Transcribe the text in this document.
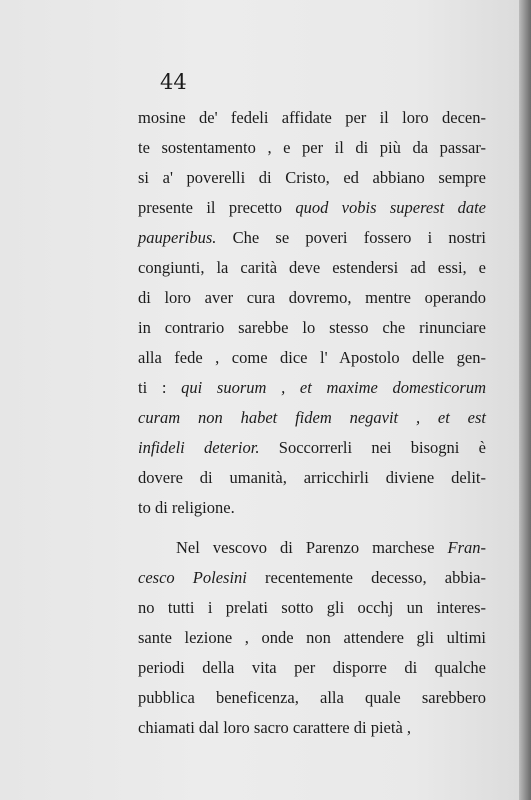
44
mosine de' fedeli affidate per il loro decen-
te sostentamento , e per il di più da passar-
si a' poverelli di Cristo, ed abbiano sempre
presente il precetto quod vobis superest date
pauperibus. Che se poveri fossero i nostri
congiunti, la carità deve estendersi ad essi, e
di loro aver cura dovremo, mentre operando
in contrario sarebbe lo stesso che rinunciare
alla fede , come dice l' Apostolo delle gen-
ti : qui suorum , et maxime domesticorum
curam non habet fidem negavit , et est
infideli deterior. Soccorrerli nei bisogni è
dovere di umanità, arricchirli diviene delit-
to di religione.
Nel vescovo di Parenzo marchese Fran-
cesco Polesini recentemente decesso, abbia-
no tutti i prelati sotto gli occhj un interes-
sante lezione , onde non attendere gli ultimi
periodi della vita per disporre di qualche
pubblica beneficenza, alla quale sarebbero
chiamati dal loro sacro carattere di pietà ,
